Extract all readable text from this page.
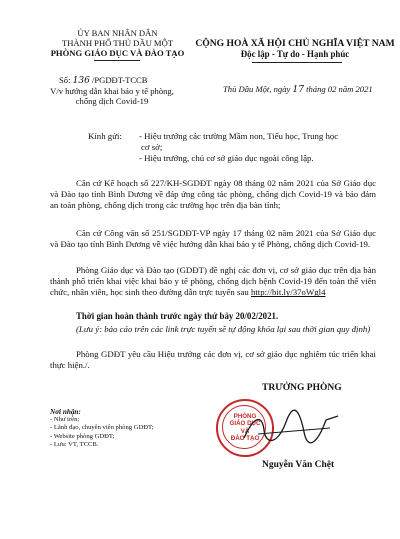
ỦY BAN NHÂN DÂN
THÀNH PHỐ THỦ DẦU MỘT
PHÒNG GIÁO DỤC VÀ ĐÀO TẠO
Số: 136 /PGDĐT-TCCB
V/v hướng dẫn khai báo y tế phòng,
chống dịch Covid-19
CỘNG HOÀ XÃ HỘI CHỦ NGHĨA VIỆT NAM
Độc lập - Tự do - Hạnh phúc
Thủ Dầu Một, ngày 17 tháng 02 năm 2021
Kính gửi: - Hiệu trưởng các trường Mầm non, Tiểu học, Trung học
cơ sở;
- Hiệu trưởng, chủ cơ sở giáo dục ngoài công lập.
Căn cứ Kế hoạch số 227/KH-SGDĐT ngày 08 tháng 02 năm 2021 của Sở Giáo dục và Đào tạo tỉnh Bình Dương về đáp ứng công tác phòng, chống dịch Covid-19 và bảo đảm an toàn phòng, chống dịch trong các trường học trên địa bàn tỉnh;
Căn cứ Công văn số 251/SGDĐT-VP ngày 17 tháng 02 năm 2021 của Sở Giáo dục và Đào tạo tỉnh Bình Dương về việc hướng dẫn khai báo y tế Phòng, chống dịch Covid-19.
Phòng Giáo dục và Đào tạo (GDĐT) đề nghị các đơn vị, cơ sở giáo dục trên địa bàn thành phố triển khai việc khai báo y tế phòng, chống dịch bệnh Covid-19 đến toàn thể viên chức, nhân viên, học sinh theo đường dẫn trực tuyến sau http://bit.ly/37oWgl4
Thời gian hoàn thành trước ngày thứ bảy 20/02/2021.
(Lưu ý: bảo cáo trên các link trực tuyến sẽ tự động khóa lại sau thời gian quy định)
Phòng GDĐT yêu cầu Hiệu trưởng các đơn vị, cơ sở giáo dục nghiêm túc triển khai thực hiện./.
Nơi nhận:
- Như trên;
- Lãnh đạo, chuyên viên phòng GDĐT;
- Website phòng GDĐT;
- Lưu: VT, TCCB.
TRƯỞNG PHÒNG
PHÒNG
GIÁO DỤC
VÀ
ĐÀO TẠO
Nguyễn Văn Chệt
